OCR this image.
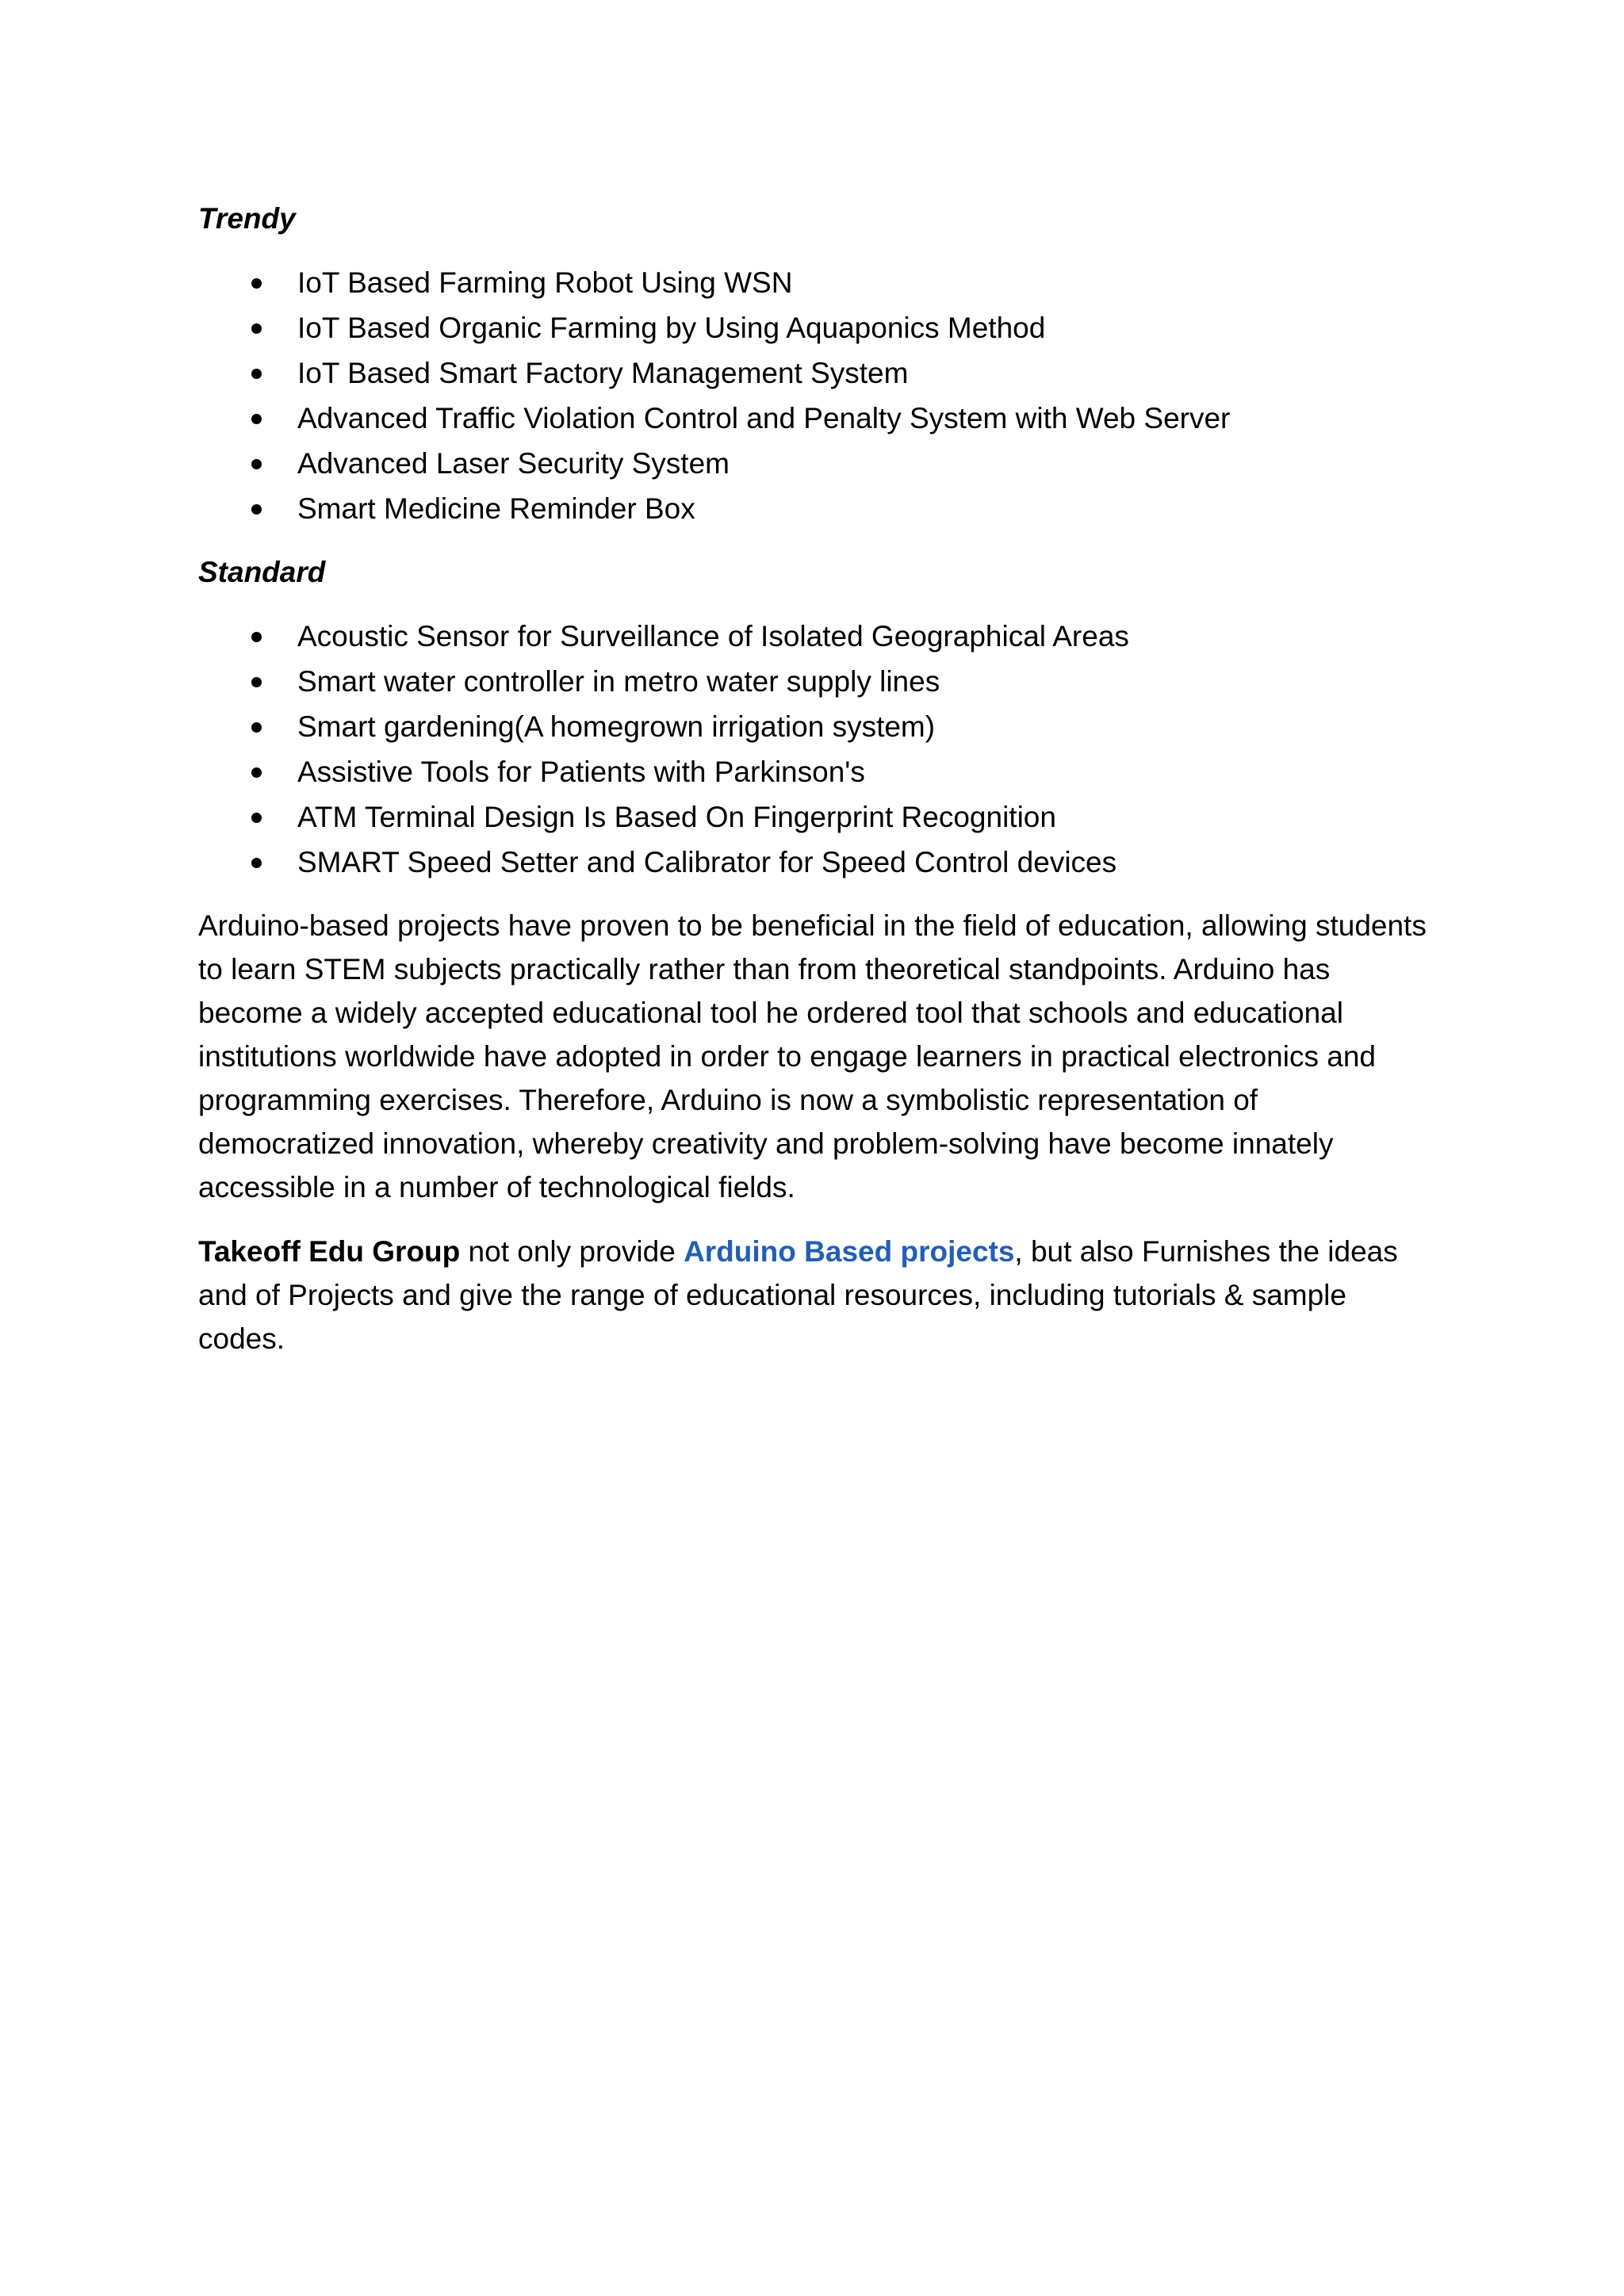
Trendy

IoT Based Farming Robot Using WSN
IoT Based Organic Farming by Using Aquaponics Method
IoT Based Smart Factory Management System
Advanced Traffic Violation Control and Penalty System with Web Server
Advanced Laser Security System
Smart Medicine Reminder Box

Standard

Acoustic Sensor for Surveillance of Isolated Geographical Areas
Smart water controller in metro water supply lines
Smart gardening(A homegrown irrigation system)
Assistive Tools for Patients with Parkinson's
ATM Terminal Design Is Based On Fingerprint Recognition
SMART Speed Setter and Calibrator for Speed Control devices

Arduino-based projects have proven to be beneficial in the field of education, allowing students to learn STEM subjects practically rather than from theoretical standpoints. Arduino has become a widely accepted educational tool he ordered tool that schools and educational institutions worldwide have adopted in order to engage learners in practical electronics and programming exercises. Therefore, Arduino is now a symbolistic representation of democratized innovation, whereby creativity and problem-solving have become innately accessible in a number of technological fields.

Takeoff Edu Group not only provide Arduino Based projects, but also Furnishes the ideas and of Projects and give the range of educational resources, including tutorials & sample codes.
